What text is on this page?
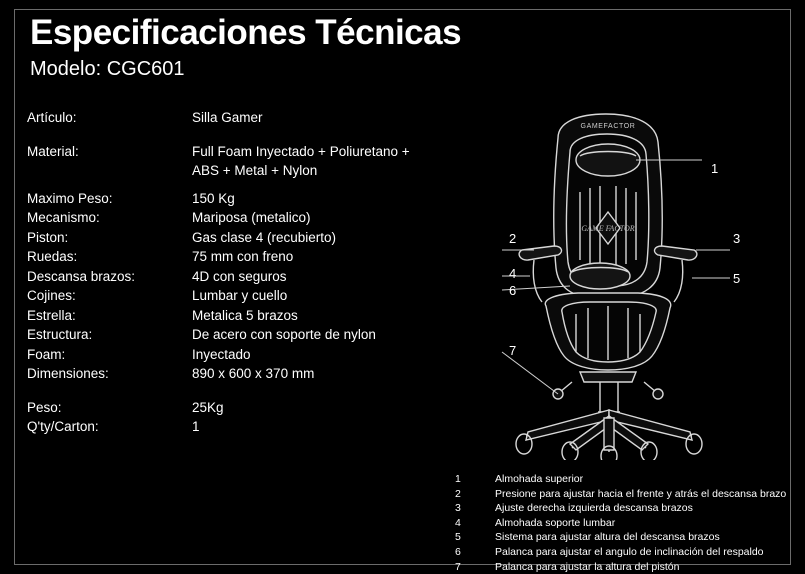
Especificaciones Técnicas
Modelo: CGC601
Artículo:	Silla Gamer
Material:	Full Foam Inyectado + Poliuretano + ABS + Metal + Nylon
Maximo Peso:	150 Kg
Mecanismo:	Mariposa (metalico)
Piston:	Gas clase 4 (recubierto)
Ruedas:	75 mm con freno
Descansa brazos:	4D con seguros
Cojines:	Lumbar y cuello
Estrella:	Metalica 5 brazos
Estructura:	De acero con soporte de nylon
Foam:	Inyectado
Dimensiones:	890 x 600 x 370 mm
Peso:	25Kg
Q'ty/Carton:	1
GAMEFACTOR
GAME FACTOR
1
2	3
4	5
6
7
1	Almohada superior
2	Presione para ajustar hacia el frente y atrás el descansa brazo
3	Ajuste derecha izquierda descansa brazos
4	Almohada soporte lumbar
5	Sistema para ajustar altura del descansa brazos
6	Palanca para ajustar el angulo de inclinación del respaldo
7	Palanca para ajustar la altura del pistón
